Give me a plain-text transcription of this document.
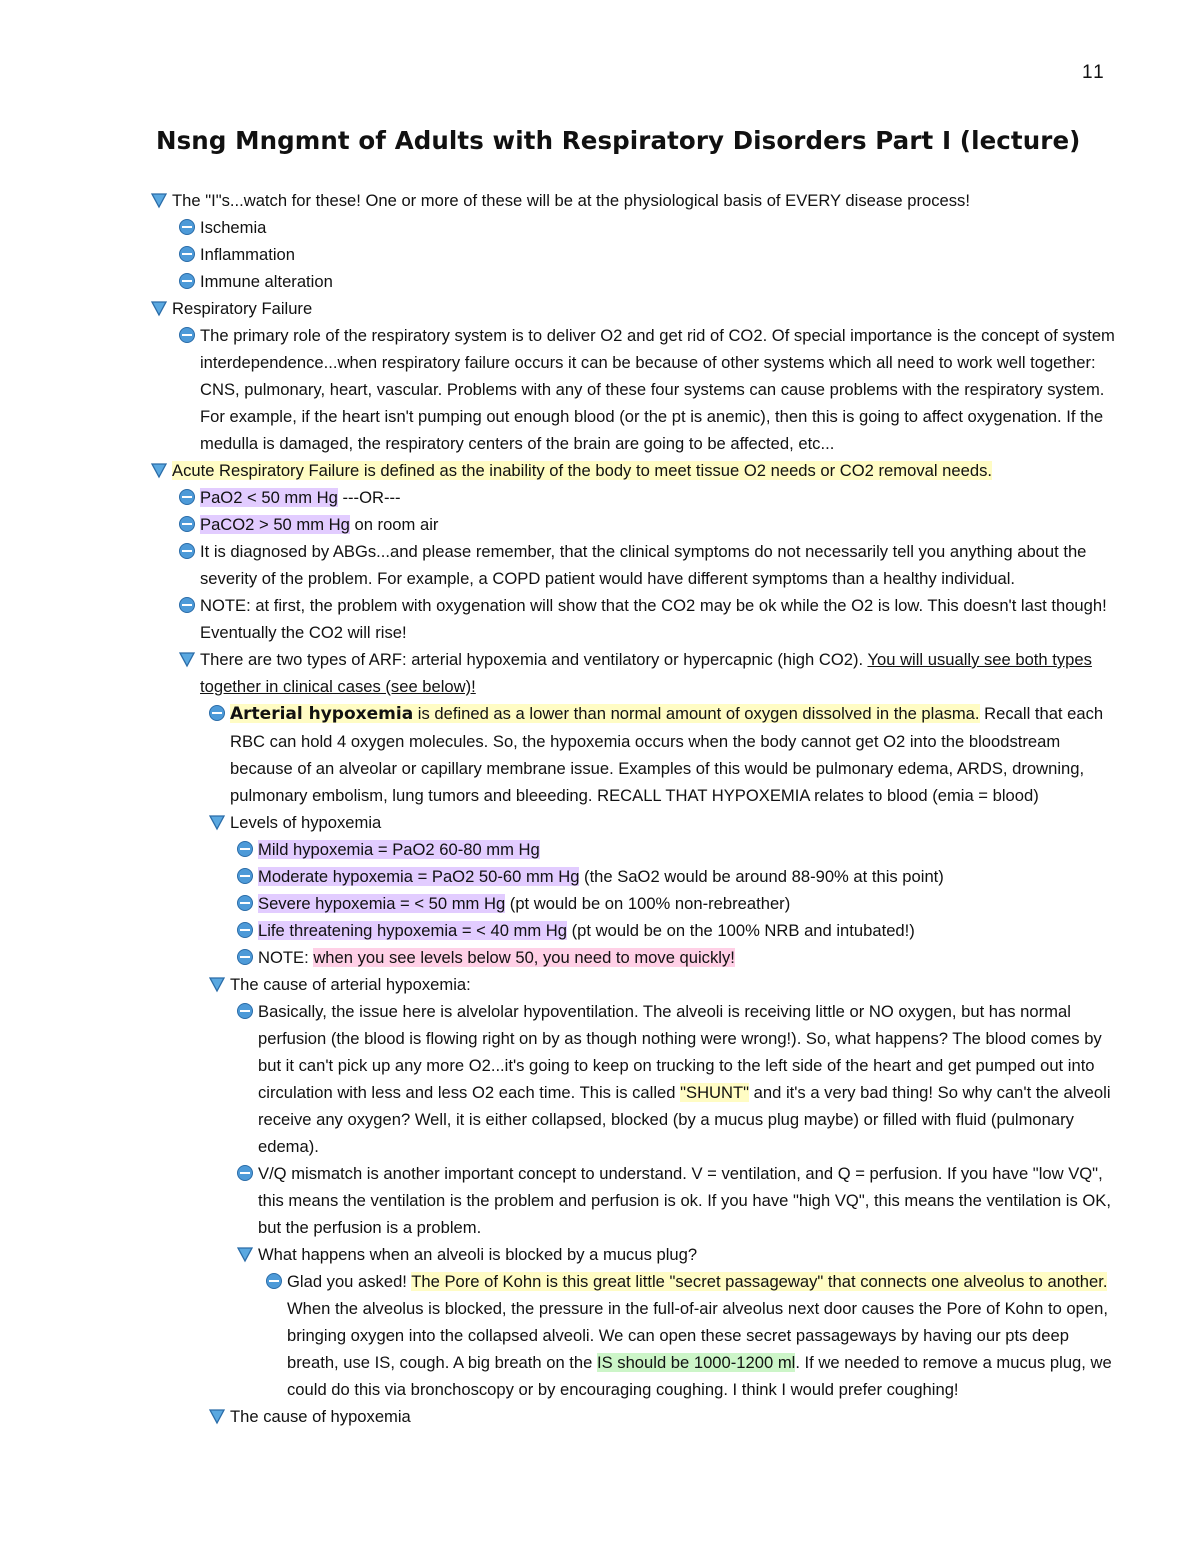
11
Nsng Mngmnt of Adults with Respiratory Disorders Part I (lecture)
The "I"s...watch for these! One or more of these will be at the physiological basis of EVERY disease process!
Ischemia
Inflammation
Immune alteration
Respiratory Failure
The primary role of the respiratory system is to deliver O2 and get rid of CO2. Of special importance is the concept of system interdependence...when respiratory failure occurs it can be because of other systems which all need to work well together: CNS, pulmonary, heart, vascular. Problems with any of these four systems can cause problems with the respiratory system. For example, if the heart isn't pumping out enough blood (or the pt is anemic), then this is going to affect oxygenation. If the medulla is damaged, the respiratory centers of the brain are going to be affected, etc...
Acute Respiratory Failure is defined as the inability of the body to meet tissue O2 needs or CO2 removal needs.
PaO2 < 50 mm Hg ---OR---
PaCO2 > 50 mm Hg on room air
It is diagnosed by ABGs...and please remember, that the clinical symptoms do not necessarily tell you anything about the severity of the problem. For example, a COPD patient would have different symptoms than a healthy individual.
NOTE: at first, the problem with oxygenation will show that the CO2 may be ok while the O2 is low. This doesn't last though! Eventually the CO2 will rise!
There are two types of ARF: arterial hypoxemia and ventilatory or hypercapnic (high CO2). You will usually see both types together in clinical cases (see below)!
Arterial hypoxemia is defined as a lower than normal amount of oxygen dissolved in the plasma. Recall that each RBC can hold 4 oxygen molecules. So, the hypoxemia occurs when the body cannot get O2 into the bloodstream because of an alveolar or capillary membrane issue. Examples of this would be pulmonary edema, ARDS, drowning, pulmonary embolism, lung tumors and bleeeding. RECALL THAT HYPOXEMIA relates to blood (emia = blood)
Levels of hypoxemia
Mild hypoxemia = PaO2 60-80 mm Hg
Moderate hypoxemia = PaO2 50-60 mm Hg (the SaO2 would be around 88-90% at this point)
Severe hypoxemia = < 50 mm Hg (pt would be on 100% non-rebreather)
Life threatening hypoxemia = < 40 mm Hg (pt would be on the 100% NRB and intubated!)
NOTE: when you see levels below 50, you need to move quickly!
The cause of arterial hypoxemia:
Basically, the issue here is alvelolar hypoventilation. The alveoli is receiving little or NO oxygen, but has normal perfusion (the blood is flowing right on by as though nothing were wrong!). So, what happens? The blood comes by but it can't pick up any more O2...it's going to keep on trucking to the left side of the heart and get pumped out into circulation with less and less O2 each time. This is called "SHUNT" and it's a very bad thing! So why can't the alveoli receive any oxygen? Well, it is either collapsed, blocked (by a mucus plug maybe) or filled with fluid (pulmonary edema).
V/Q mismatch is another important concept to understand. V = ventilation, and Q = perfusion. If you have "low VQ", this means the ventilation is the problem and perfusion is ok. If you have "high VQ", this means the ventilation is OK, but the perfusion is a problem.
What happens when an alveoli is blocked by a mucus plug?
Glad you asked! The Pore of Kohn is this great little "secret passageway" that connects one alveolus to another. When the alveolus is blocked, the pressure in the full-of-air alveolus next door causes the Pore of Kohn to open, bringing oxygen into the collapsed alveoli. We can open these secret passageways by having our pts deep breath, use IS, cough. A big breath on the IS should be 1000-1200 ml. If we needed to remove a mucus plug, we could do this via bronchoscopy or by encouraging coughing. I think I would prefer coughing!
The cause of hypoxemia
